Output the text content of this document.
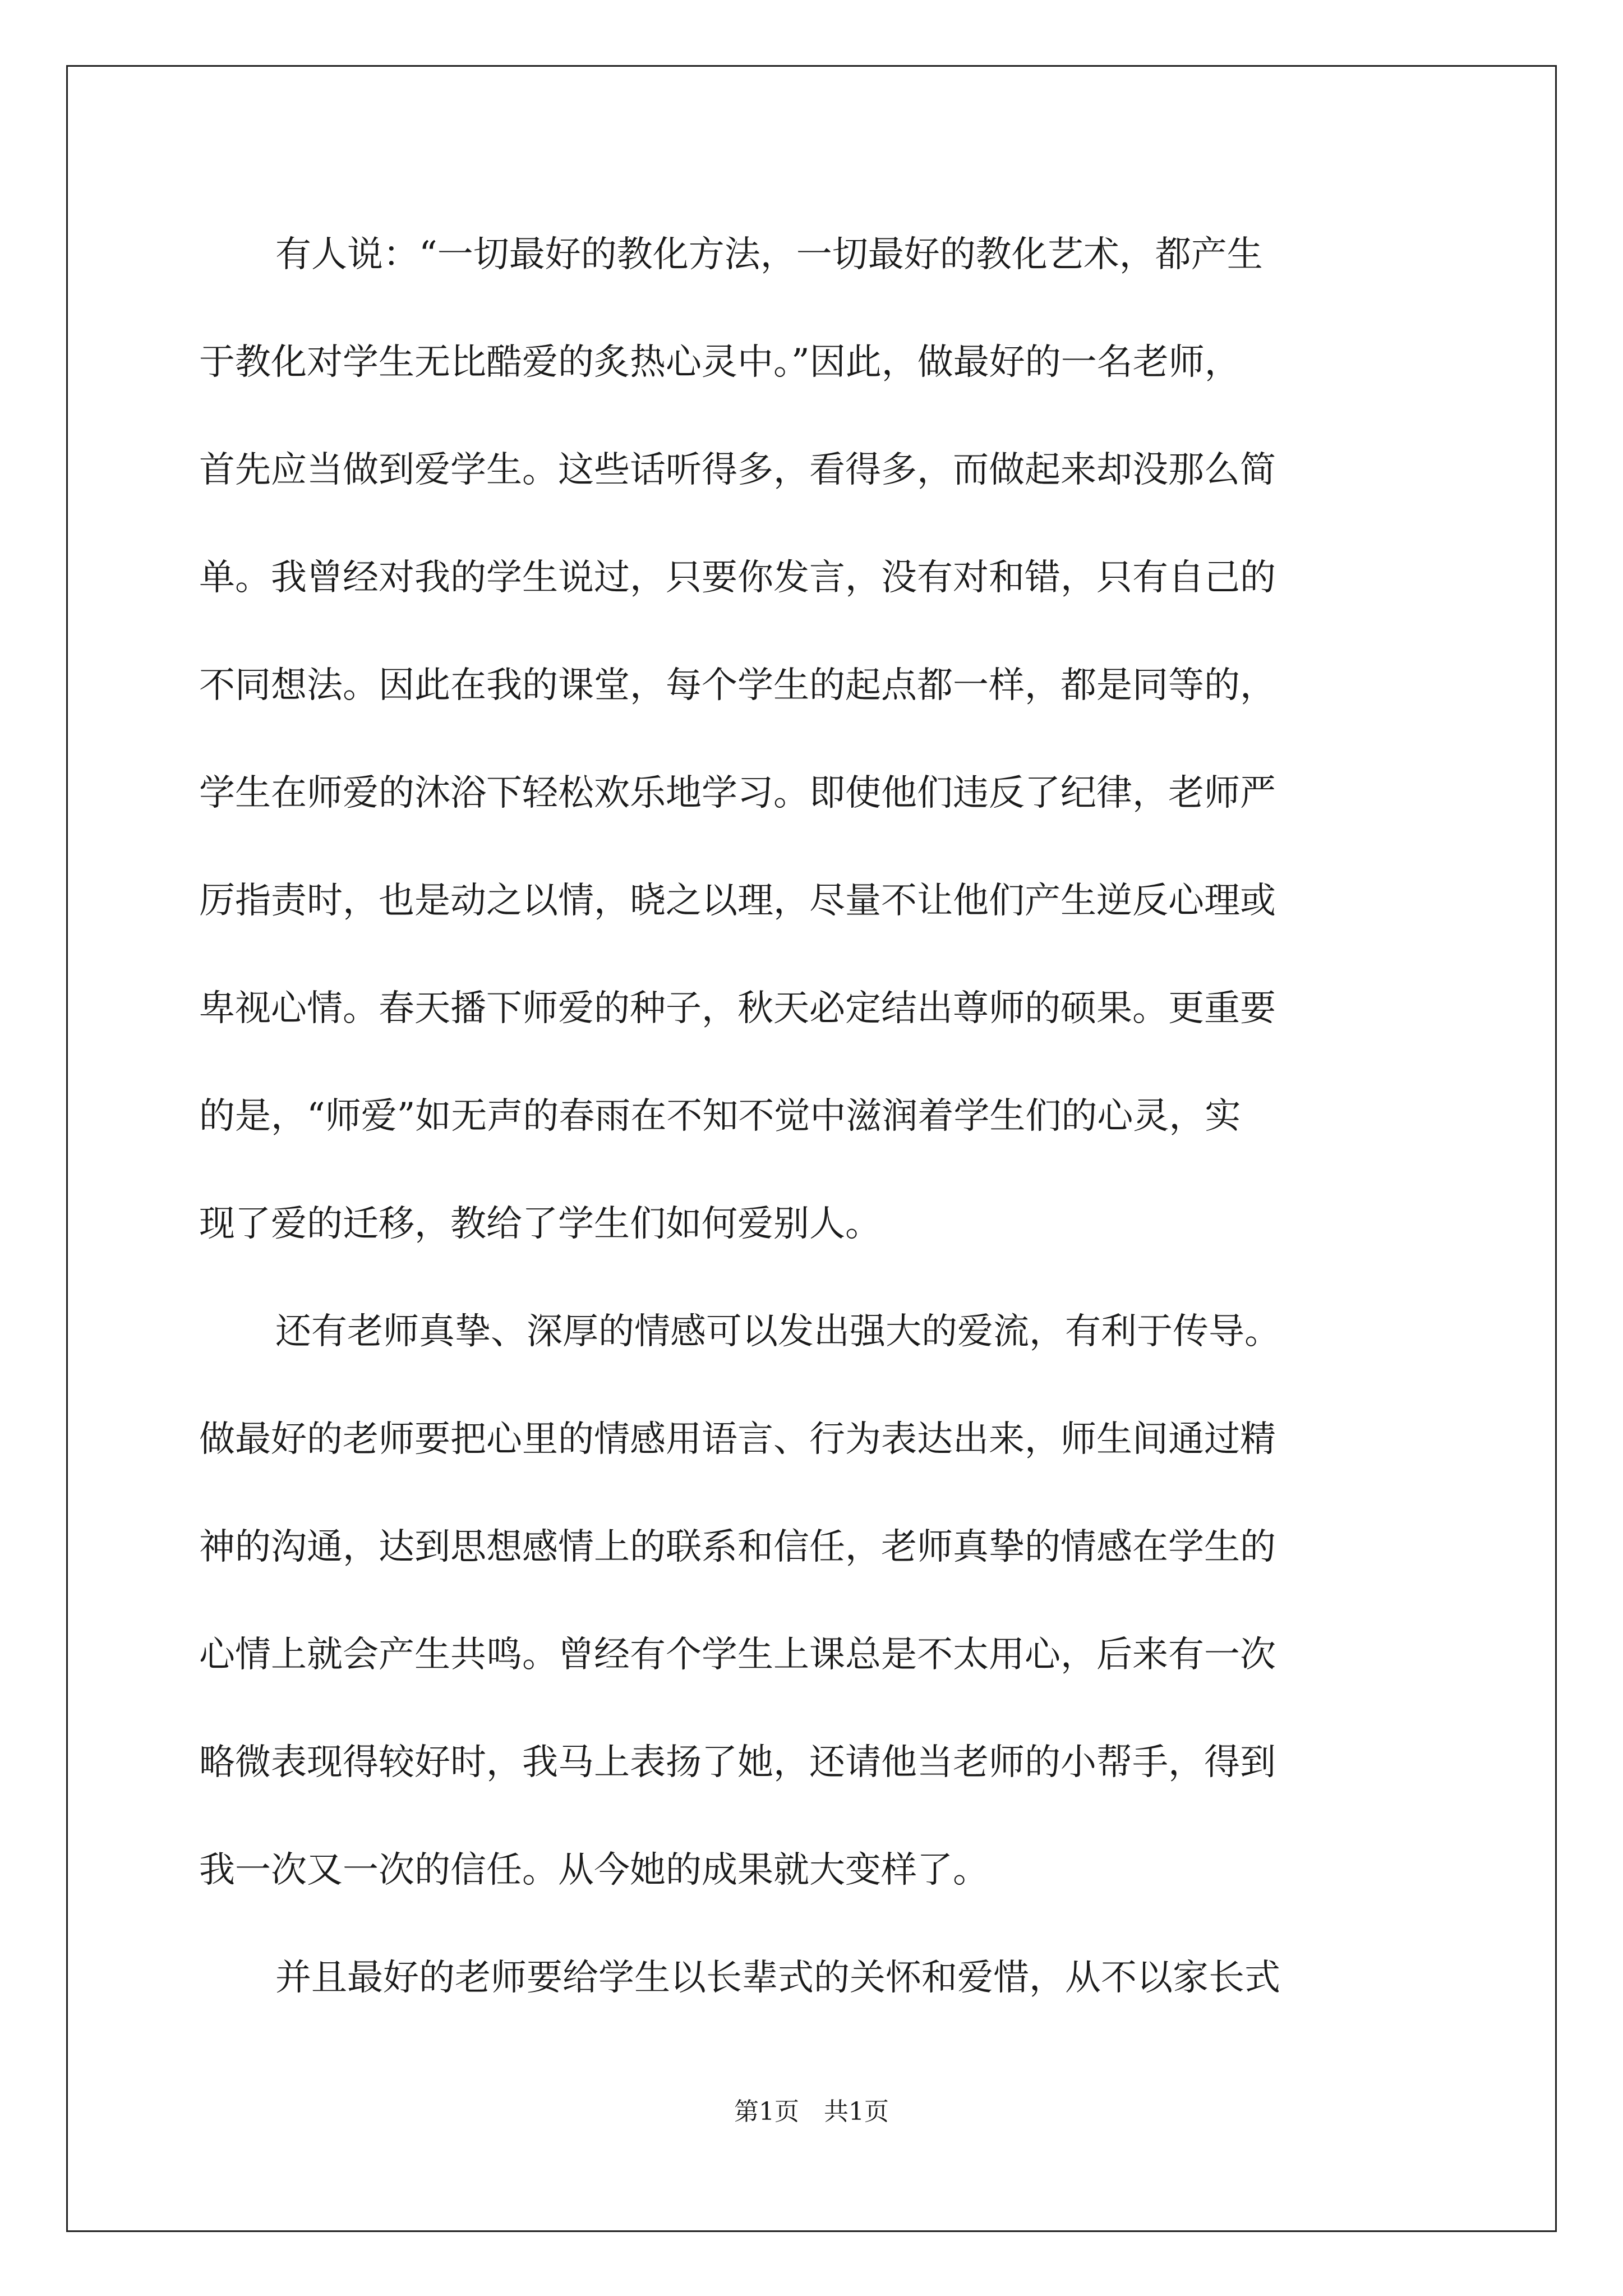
有人说：“一切最好的教化方法，一切最好的教化艺术，都产生
于教化对学生无比酷爱的炙热心灵中。”因此，做最好的一名老师，
首先应当做到爱学生。这些话听得多，看得多，而做起来却没那么简
单。我曾经对我的学生说过，只要你发言，没有对和错，只有自己的
不同想法。因此在我的课堂，每个学生的起点都一样，都是同等的，
学生在师爱的沐浴下轻松欢乐地学习。即使他们违反了纪律，老师严
厉指责时，也是动之以情，晓之以理，尽量不让他们产生逆反心理或
卑视心情。春天播下师爱的种子，秋天必定结出尊师的硕果。更重要
的是，“师爱”如无声的春雨在不知不觉中滋润着学生们的心灵，实
现了爱的迁移，教给了学生们如何爱别人。
还有老师真挚、深厚的情感可以发出强大的爱流，有利于传导。
做最好的老师要把心里的情感用语言、行为表达出来，师生间通过精
神的沟通，达到思想感情上的联系和信任，老师真挚的情感在学生的
心情上就会产生共鸣。曾经有个学生上课总是不太用心，后来有一次
略微表现得较好时，我马上表扬了她，还请他当老师的小帮手，得到
我一次又一次的信任。从今她的成果就大变样了。
并且最好的老师要给学生以长辈式的关怀和爱惜，从不以家长式
第1页　共1页
